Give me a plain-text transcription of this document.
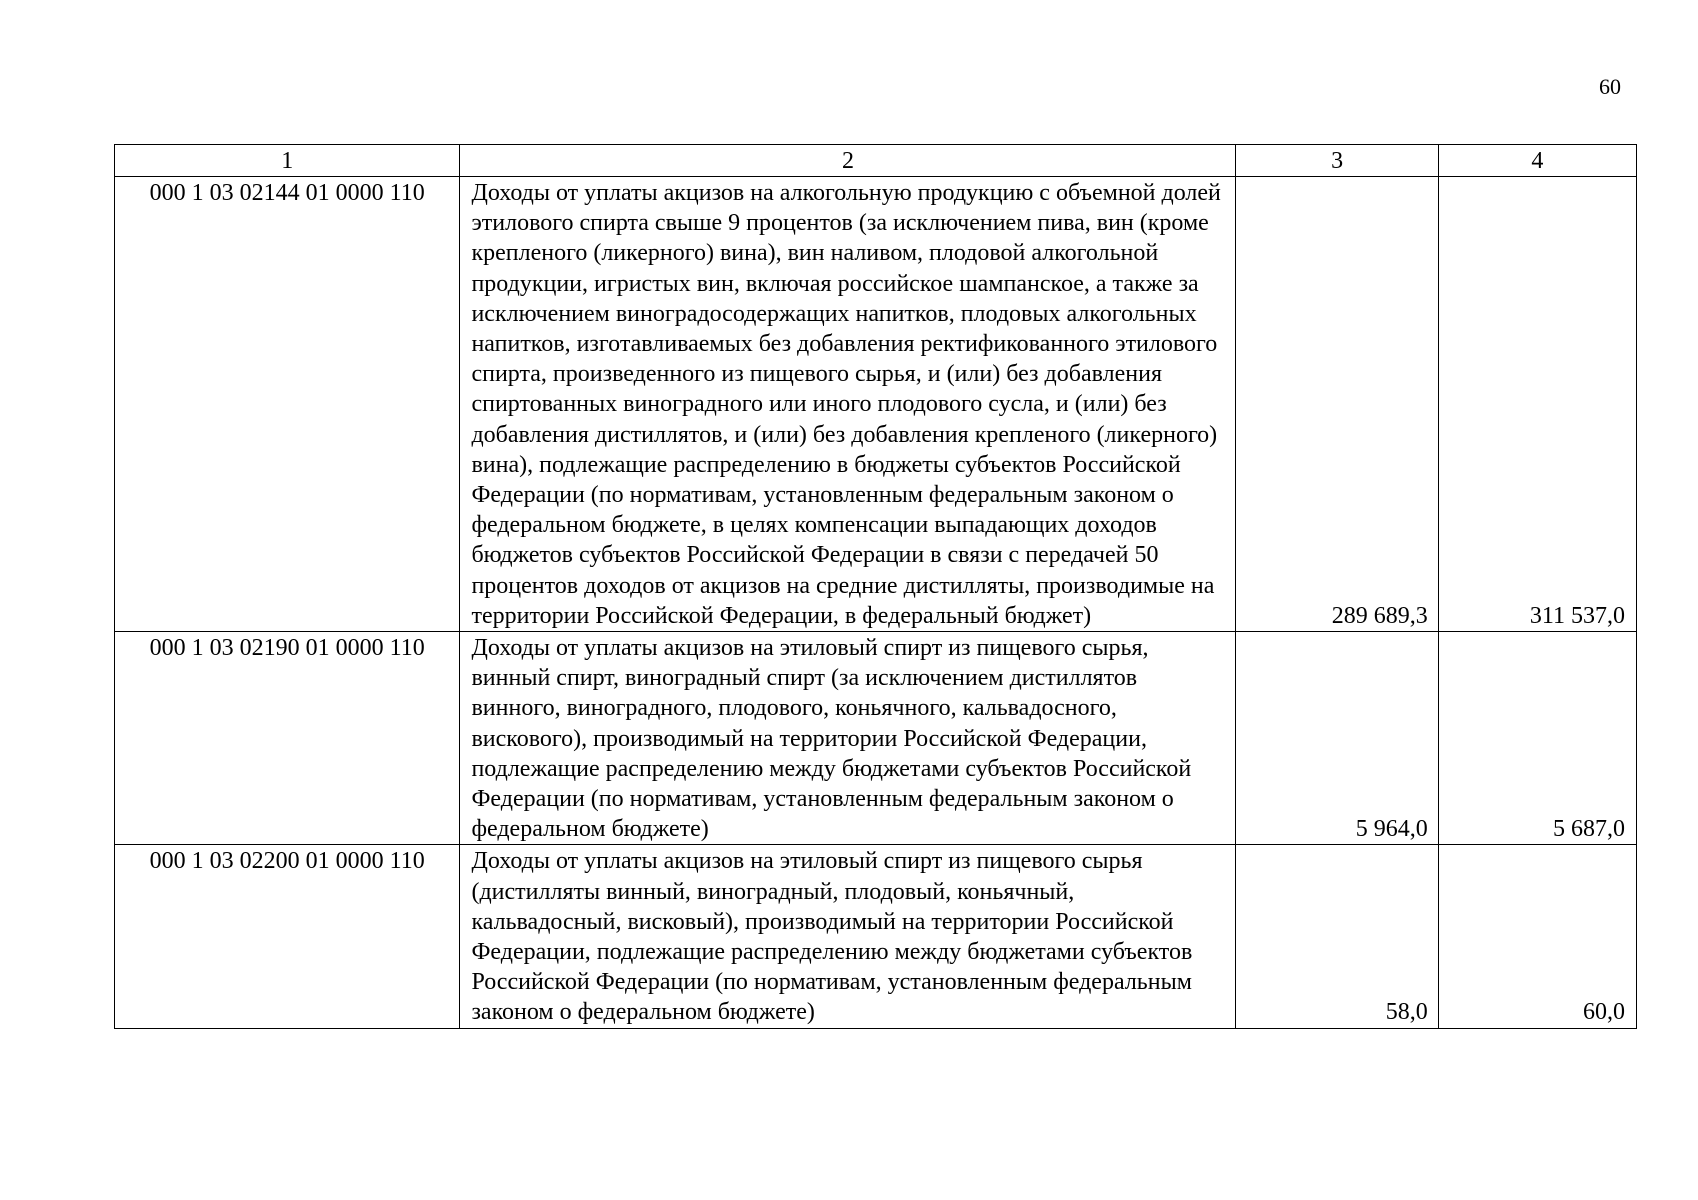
60
1	2	3	4
000 1 03 02144 01 0000 110	Доходы от уплаты акцизов на алкогольную продукцию с объемной долей этилового спирта свыше 9 процентов (за исключением пива, вин (кроме крепленого (ликерного) вина), вин наливом, плодовой алкогольной продукции, игристых вин, включая российское шампанское, а также за исключением виноградосодержащих напитков, плодовых алкогольных напитков, изготавливаемых без добавления ректификованного этилового спирта, произведенного из пищевого сырья, и (или) без добавления спиртованных виноградного или иного плодового сусла, и (или) без добавления дистиллятов, и (или) без добавления крепленого (ликерного) вина), подлежащие распределению в бюджеты субъектов Российской Федерации (по нормативам, установленным федеральным законом о федеральном бюджете, в целях компенсации выпадающих доходов бюджетов субъектов Российской Федерации в связи с передачей 50 процентов доходов от акцизов на средние дистилляты, производимые на территории Российской Федерации, в федеральный бюджет)	289 689,3	311 537,0
000 1 03 02190 01 0000 110	Доходы от уплаты акцизов на этиловый спирт из пищевого сырья, винный спирт, виноградный спирт (за исключением дистиллятов винного, виноградного, плодового, коньячного, кальвадосного, вискового), производимый на территории Российской Федерации, подлежащие распределению между бюджетами субъектов Российской Федерации (по нормативам, установленным федеральным законом о федеральном бюджете)	5 964,0	5 687,0
000 1 03 02200 01 0000 110	Доходы от уплаты акцизов на этиловый спирт из пищевого сырья (дистилляты винный, виноградный, плодовый, коньячный, кальвадосный, висковый), производимый на территории Российской Федерации, подлежащие распределению между бюджетами субъектов Российской Федерации (по нормативам, установленным федеральным законом о федеральном бюджете)	58,0	60,0
